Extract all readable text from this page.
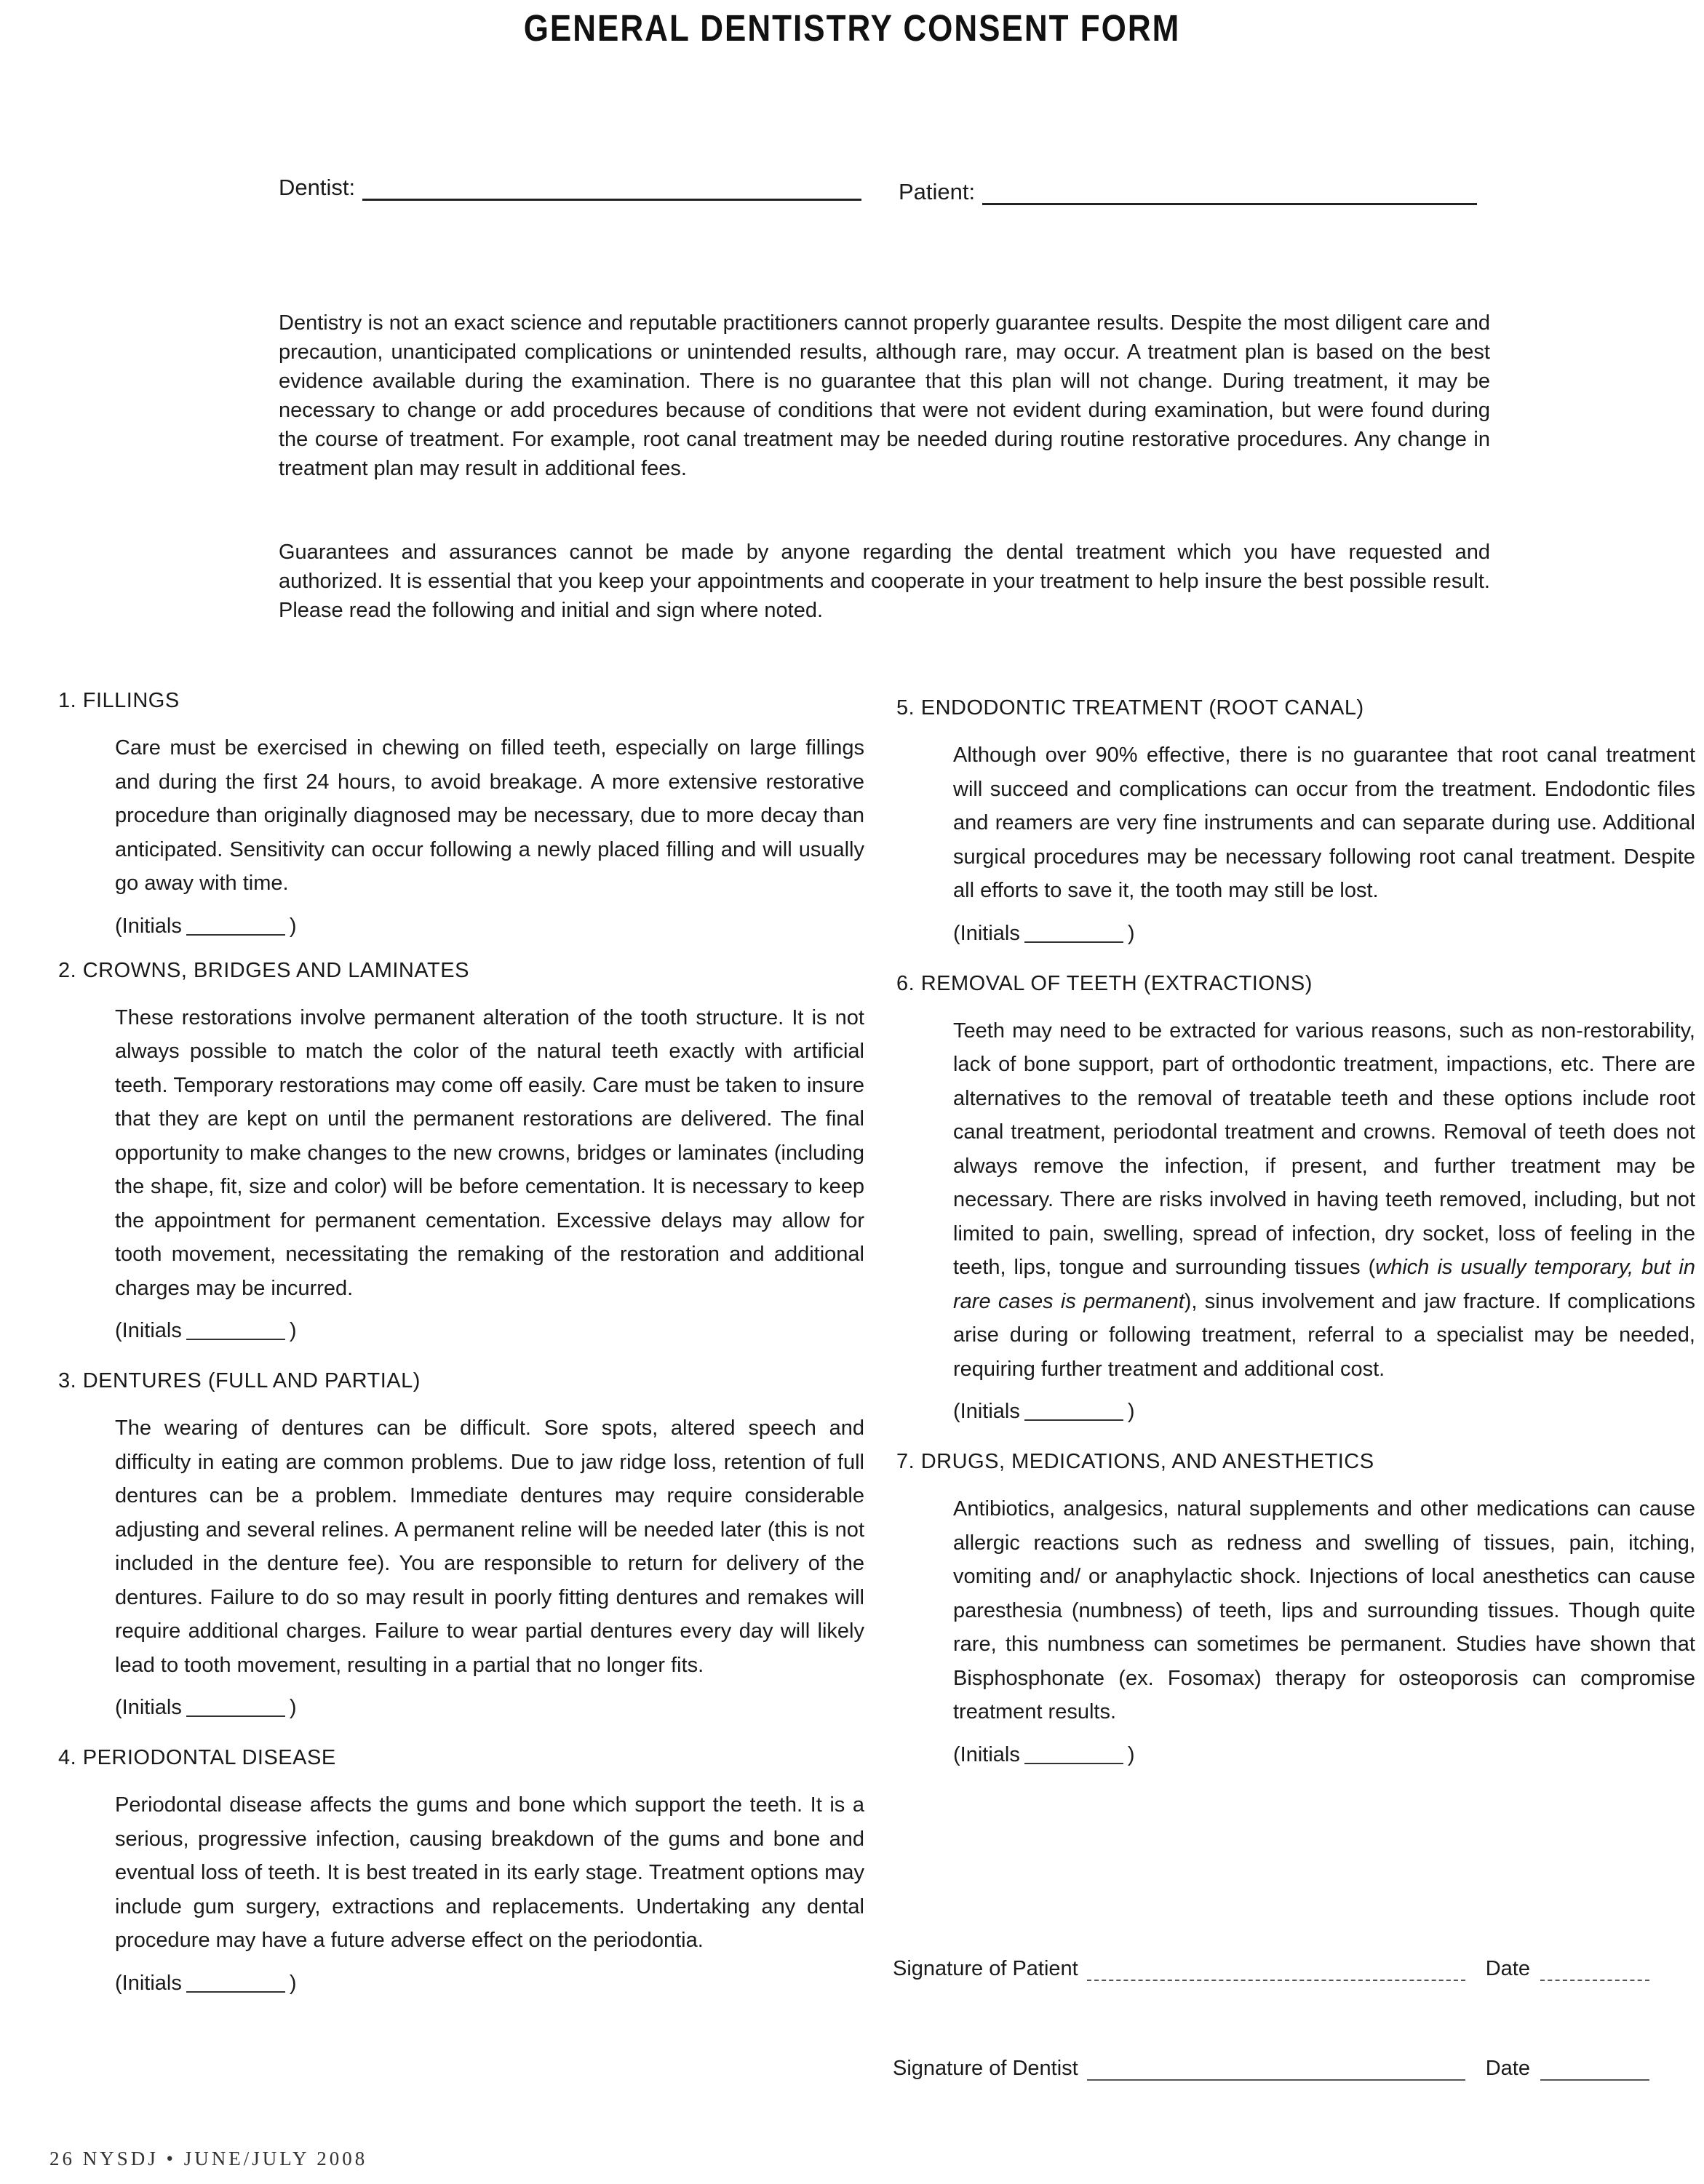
GENERAL DENTISTRY CONSENT FORM
Dentist:	Patient:

Dentistry is not an exact science and reputable practitioners cannot properly guarantee results. Despite the most diligent care and precaution, unanticipated complications or unintended results, although rare, may occur. A treatment plan is based on the best evidence available during the examination. There is no guarantee that this plan will not change. During treatment, it may be necessary to change or add procedures because of conditions that were not evident during examination, but were found during the course of treatment. For example, root canal treatment may be needed during routine restorative procedures. Any change in treatment plan may result in additional fees.

Guarantees and assurances cannot be made by anyone regarding the dental treatment which you have requested and authorized. It is essential that you keep your appointments and cooperate in your treatment to help insure the best possible result. Please read the following and initial and sign where noted.

1. FILLINGS
Care must be exercised in chewing on filled teeth, especially on large fillings and during the first 24 hours, to avoid breakage. A more extensive restorative procedure than originally diagnosed may be necessary, due to more decay than anticipated. Sensitivity can occur following a newly placed filling and will usually go away with time.
(Initials	)
2. CROWNS, BRIDGES AND LAMINATES
These restorations involve permanent alteration of the tooth structure. It is not always possible to match the color of the natural teeth exactly with artificial teeth. Temporary restorations may come off easily. Care must be taken to insure that they are kept on until the permanent restorations are delivered. The final opportunity to make changes to the new crowns, bridges or laminates (including the shape, fit, size and color) will be before cementation. It is necessary to keep the appointment for permanent cementation. Excessive delays may allow for tooth movement, necessitating the remaking of the restoration and additional charges may be incurred.
(Initials	)
3. DENTURES (FULL AND PARTIAL)
The wearing of dentures can be difficult. Sore spots, altered speech and difficulty in eating are common problems. Due to jaw ridge loss, retention of full dentures can be a problem. Immediate dentures may require considerable adjusting and several relines. A permanent reline will be needed later (this is not included in the denture fee). You are responsible to return for delivery of the dentures. Failure to do so may result in poorly fitting dentures and remakes will require additional charges. Failure to wear partial dentures every day will likely lead to tooth movement, resulting in a partial that no longer fits.
(Initials	)
4. PERIODONTAL DISEASE
Periodontal disease affects the gums and bone which support the teeth. It is a serious, progressive infection, causing breakdown of the gums and bone and eventual loss of teeth. It is best treated in its early stage. Treatment options may include gum surgery, extractions and replacements. Undertaking any dental procedure may have a future adverse effect on the periodontia.
(Initials	)
5. ENDODONTIC TREATMENT (ROOT CANAL)
Although over 90% effective, there is no guarantee that root canal treatment will succeed and complications can occur from the treatment. Endodontic files and reamers are very fine instruments and can separate during use. Additional surgical procedures may be necessary following root canal treatment. Despite all efforts to save it, the tooth may still be lost.
(Initials	)
6. REMOVAL OF TEETH (EXTRACTIONS)
Teeth may need to be extracted for various reasons, such as non-restorability, lack of bone support, part of orthodontic treatment, impactions, etc. There are alternatives to the removal of treatable teeth and these options include root canal treatment, periodontal treatment and crowns. Removal of teeth does not always remove the infection, if present, and further treatment may be necessary. There are risks involved in having teeth removed, including, but not limited to pain, swelling, spread of infection, dry socket, loss of feeling in the teeth, lips, tongue and surrounding tissues (which is usually temporary, but in rare cases is permanent), sinus involvement and jaw fracture. If complications arise during or following treatment, referral to a specialist may be needed, requiring further treatment and additional cost.
(Initials	)
7. DRUGS, MEDICATIONS, AND ANESTHETICS
Antibiotics, analgesics, natural supplements and other medications can cause allergic reactions such as redness and swelling of tissues, pain, itching, vomiting and/ or anaphylactic shock. Injections of local anesthetics can cause paresthesia (numbness) of teeth, lips and surrounding tissues. Though quite rare, this numbness can sometimes be permanent. Studies have shown that Bisphosphonate (ex. Fosomax) therapy for osteoporosis can compromise treatment results.
(Initials	)
Signature of Patient	Date
Signature of Dentist	Date
26 NYSDJ • JUNE/JULY 2008
